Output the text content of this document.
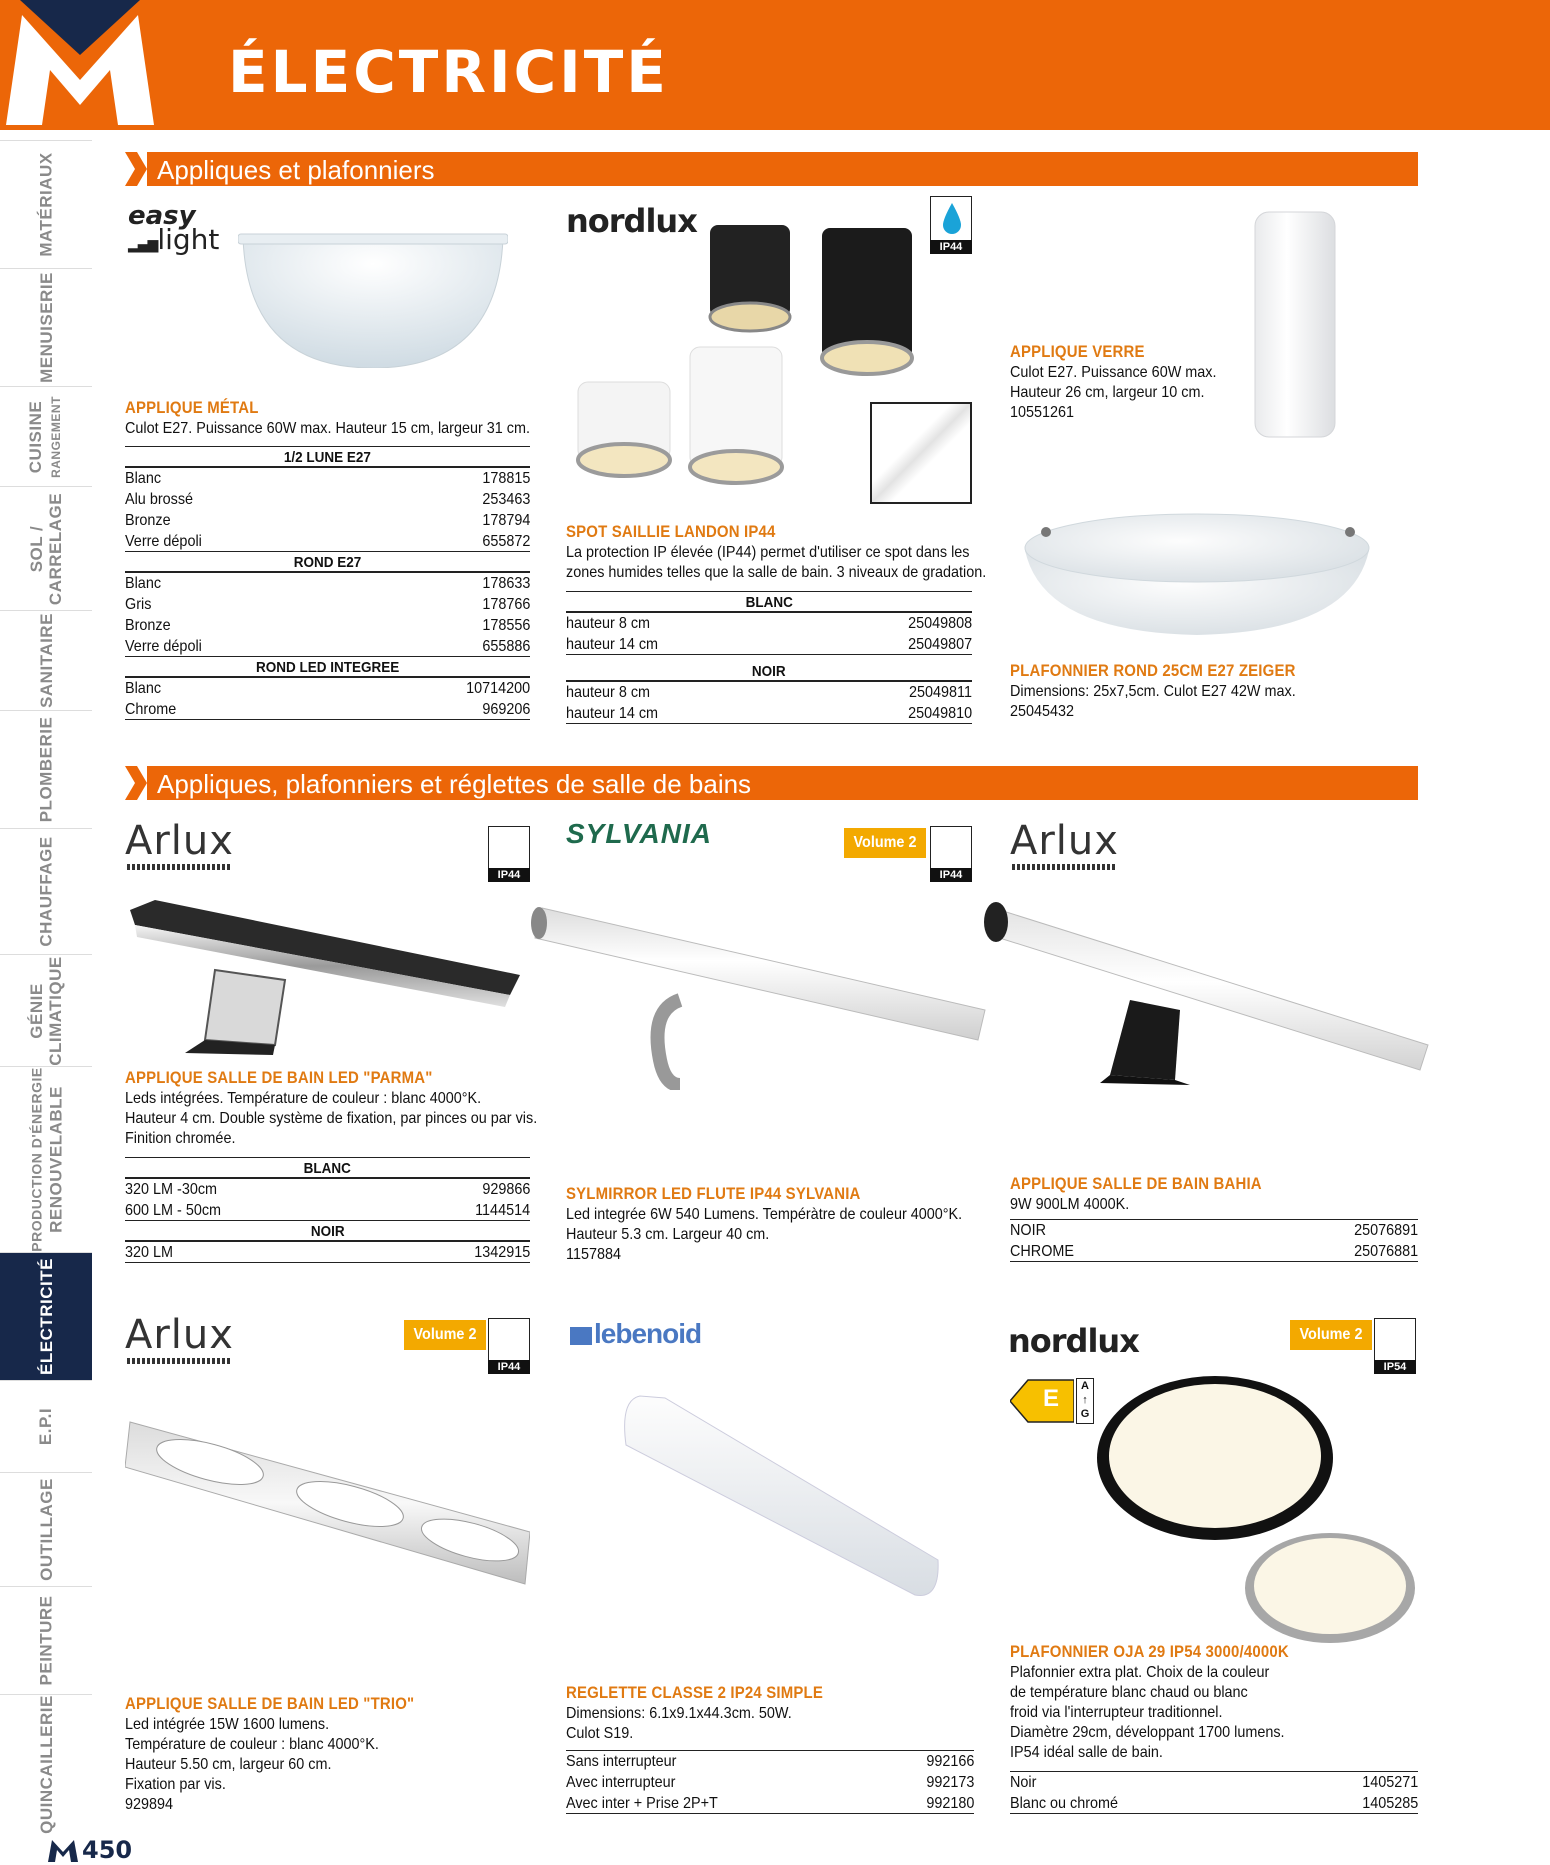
ÉLECTRICITÉ
MATÉRIAUX
MENUISERIE
CUISINE RANGEMENT
SOL /
CARRELAGE
SANITAIRE
PLOMBERIE
CHAUFFAGE
GÉNIE
CLIMATIQUE
PRODUCTION D'ÉNERGIE RENOUVELABLE
ÉLECTRICITÉ
E.P.I
OUTILLAGE
PEINTURE
QUINCAILLERIE
Appliques et plafonniers
easy
▂▄▆light
APPLIQUE MÉTAL
Culot E27. Puissance 60W max. Hauteur 15 cm, largeur 31 cm.
1/2 LUNE E27
Blanc	178815
Alu brossé	253463
Bronze	178794
Verre dépoli	655872
ROND E27
Blanc	178633
Gris	178766
Bronze	178556
Verre dépoli	655886
ROND LED INTEGREE
Blanc	10714200
Chrome	969206
nordlux
IP44
SPOT SAILLIE LANDON IP44
La protection IP élevée (IP44) permet d'utiliser ce spot dans les
zones humides telles que la salle de bain. 3 niveaux de gradation.
BLANC
hauteur 8 cm	25049808
hauteur 14 cm	25049807
NOIR
hauteur 8 cm	25049811
hauteur 14 cm	25049810
APPLIQUE VERRE
Culot E27. Puissance 60W max.
Hauteur 26 cm, largeur 10 cm.
10551261
PLAFONNIER ROND 25CM E27 ZEIGER
Dimensions: 25x7,5cm. Culot E27 42W max.
25045432
Appliques, plafonniers et réglettes de salle de bains
Arlux
IP44
APPLIQUE SALLE DE BAIN LED "PARMA"
Leds intégrées. Température de couleur : blanc 4000°K.
Hauteur 4 cm. Double système de fixation, par pinces ou par vis.
Finition chromée.
BLANC
320 LM -30cm	929866
600 LM - 50cm	1144514
NOIR
320 LM	1342915
SYLVANIA	Volume 2
IP44
SYLMIRROR LED FLUTE IP44 SYLVANIA
Led integrée 6W 540 Lumens. Tempéràtre de couleur 4000°K.
Hauteur 5.3 cm. Largeur 40 cm.
1157884
Arlux
APPLIQUE SALLE DE BAIN BAHIA
9W 900LM 4000K.
NOIR	25076891
CHROME	25076881
Arlux	Volume 2
IP44
APPLIQUE SALLE DE BAIN LED "TRIO"
Led intégrée 15W 1600 lumens.
Température de couleur : blanc 4000°K.
Hauteur 5.50 cm, largeur 60 cm.
Fixation par vis.
929894
lebenoid
REGLETTE CLASSE 2 IP24 SIMPLE
Dimensions: 6.1x9.1x44.3cm. 50W.
Culot S19.
Sans interrupteur	992166
Avec interrupteur	992173
Avec inter + Prise 2P+T	992180
nordlux	Volume 2
IP54
E	A
↑
G
PLAFONNIER OJA 29 IP54 3000/4000K
Plafonnier extra plat. Choix de la couleur
de température blanc chaud ou blanc
froid via l'interrupteur traditionnel.
Diamètre 29cm, développant 1700 lumens.
IP54 idéal salle de bain.
Noir	1405271
Blanc ou chromé	1405285
450
